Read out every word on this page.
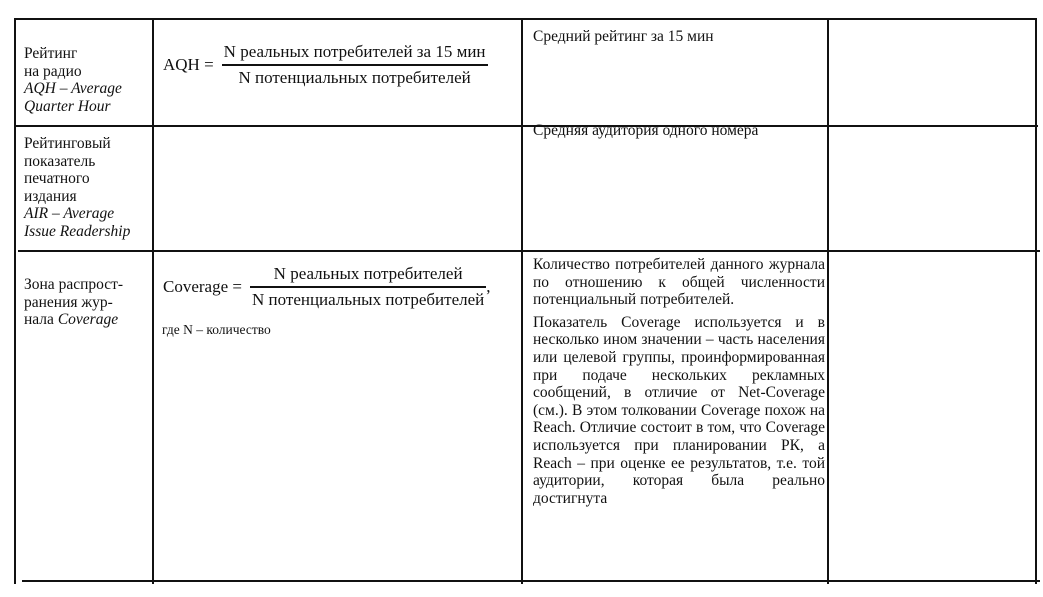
Рейтинг
на радио
AQH – Average
Quarter Hour
AQH = $\frac{\text{N реальных потребителей за 15 мин}}{\text{N потенциальных потребителей}}$
Средний рейтинг за 15 мин
Рейтинговый
показатель
печатного
издания
AIR – Average
Issue Readership
Средняя аудитория одного номера
Зона распрост-
ранения жур-
нала Coverage
Coverage = $\frac{\text{N реальных потребителей}}{\text{N потенциальных потребителей}}$ ,
где N – количество
Количество потребителей данного журнала по отношению к общей численности потенциальный потребителей.
Показатель Coverage используется и в несколько ином значении – часть населения или целевой группы, проинформированная при подаче нескольких рекламных сообщений, в отличие от Net-Coverage (см.). В этом толковании Coverage похож на Reach. Отличие состоит в том, что Coverage используется при планировании РК, а Reach – при оценке ее результатов, т.е. той аудитории, которая была реально достигнута
